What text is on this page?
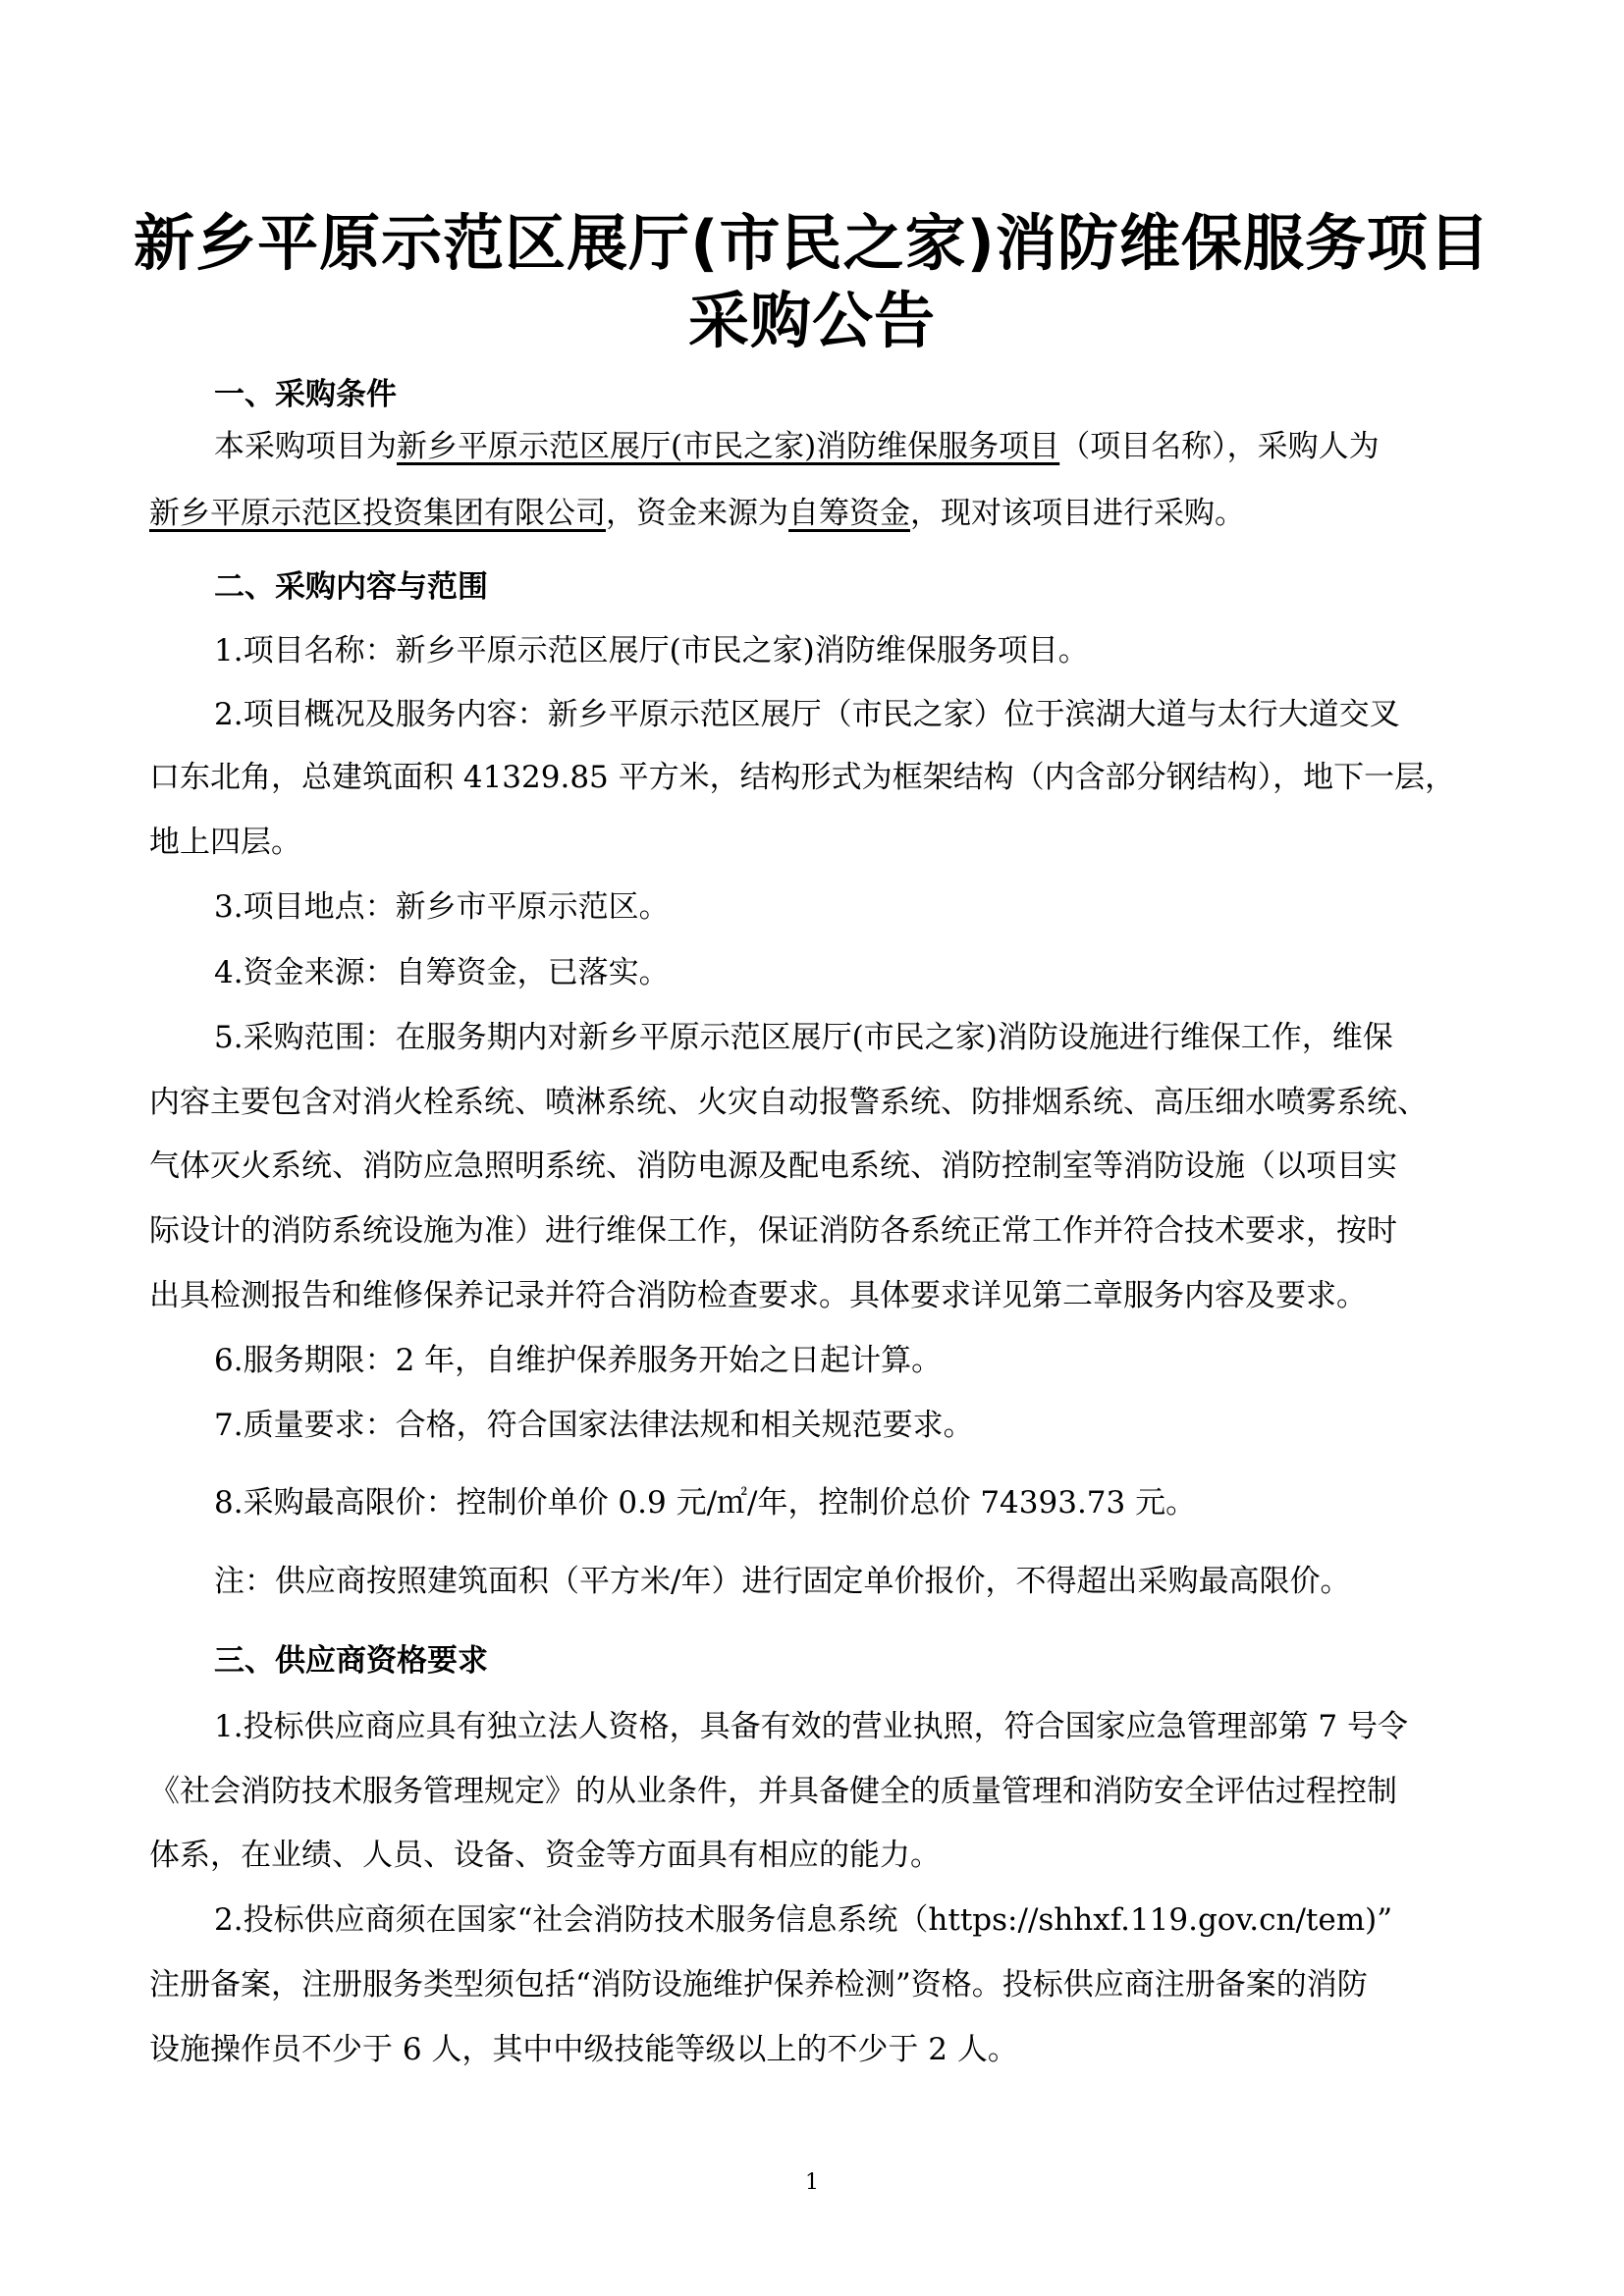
新乡平原示范区展厅(市民之家)消防维保服务项目
采购公告
一、采购条件
本采购项目为新乡平原示范区展厅(市民之家)消防维保服务项目（项目名称），采购人为
新乡平原示范区投资集团有限公司，资金来源为自筹资金，现对该项目进行采购。
二、采购内容与范围
1.项目名称：新乡平原示范区展厅(市民之家)消防维保服务项目。
2.项目概况及服务内容：新乡平原示范区展厅（市民之家）位于滨湖大道与太行大道交叉
口东北角，总建筑面积 41329.85 平方米，结构形式为框架结构（内含部分钢结构），地下一层，
地上四层。
3.项目地点：新乡市平原示范区。
4.资金来源：自筹资金，已落实。
5.采购范围：在服务期内对新乡平原示范区展厅(市民之家)消防设施进行维保工作，维保
内容主要包含对消火栓系统、喷淋系统、火灾自动报警系统、防排烟系统、高压细水喷雾系统、
气体灭火系统、消防应急照明系统、消防电源及配电系统、消防控制室等消防设施（以项目实
际设计的消防系统设施为准）进行维保工作，保证消防各系统正常工作并符合技术要求，按时
出具检测报告和维修保养记录并符合消防检查要求。具体要求详见第二章服务内容及要求。
6.服务期限：2 年，自维护保养服务开始之日起计算。
7.质量要求：合格，符合国家法律法规和相关规范要求。
8.采购最高限价：控制价单价 0.9 元/㎡/年，控制价总价 74393.73 元。
注：供应商按照建筑面积（平方米/年）进行固定单价报价，不得超出采购最高限价。
三、供应商资格要求
1.投标供应商应具有独立法人资格，具备有效的营业执照，符合国家应急管理部第 7 号令
《社会消防技术服务管理规定》的从业条件，并具备健全的质量管理和消防安全评估过程控制
体系，在业绩、人员、设备、资金等方面具有相应的能力。
2.投标供应商须在国家“社会消防技术服务信息系统（https://shhxf.119.gov.cn/tem)”
注册备案，注册服务类型须包括“消防设施维护保养检测”资格。投标供应商注册备案的消防
设施操作员不少于 6 人，其中中级技能等级以上的不少于 2 人。
1
